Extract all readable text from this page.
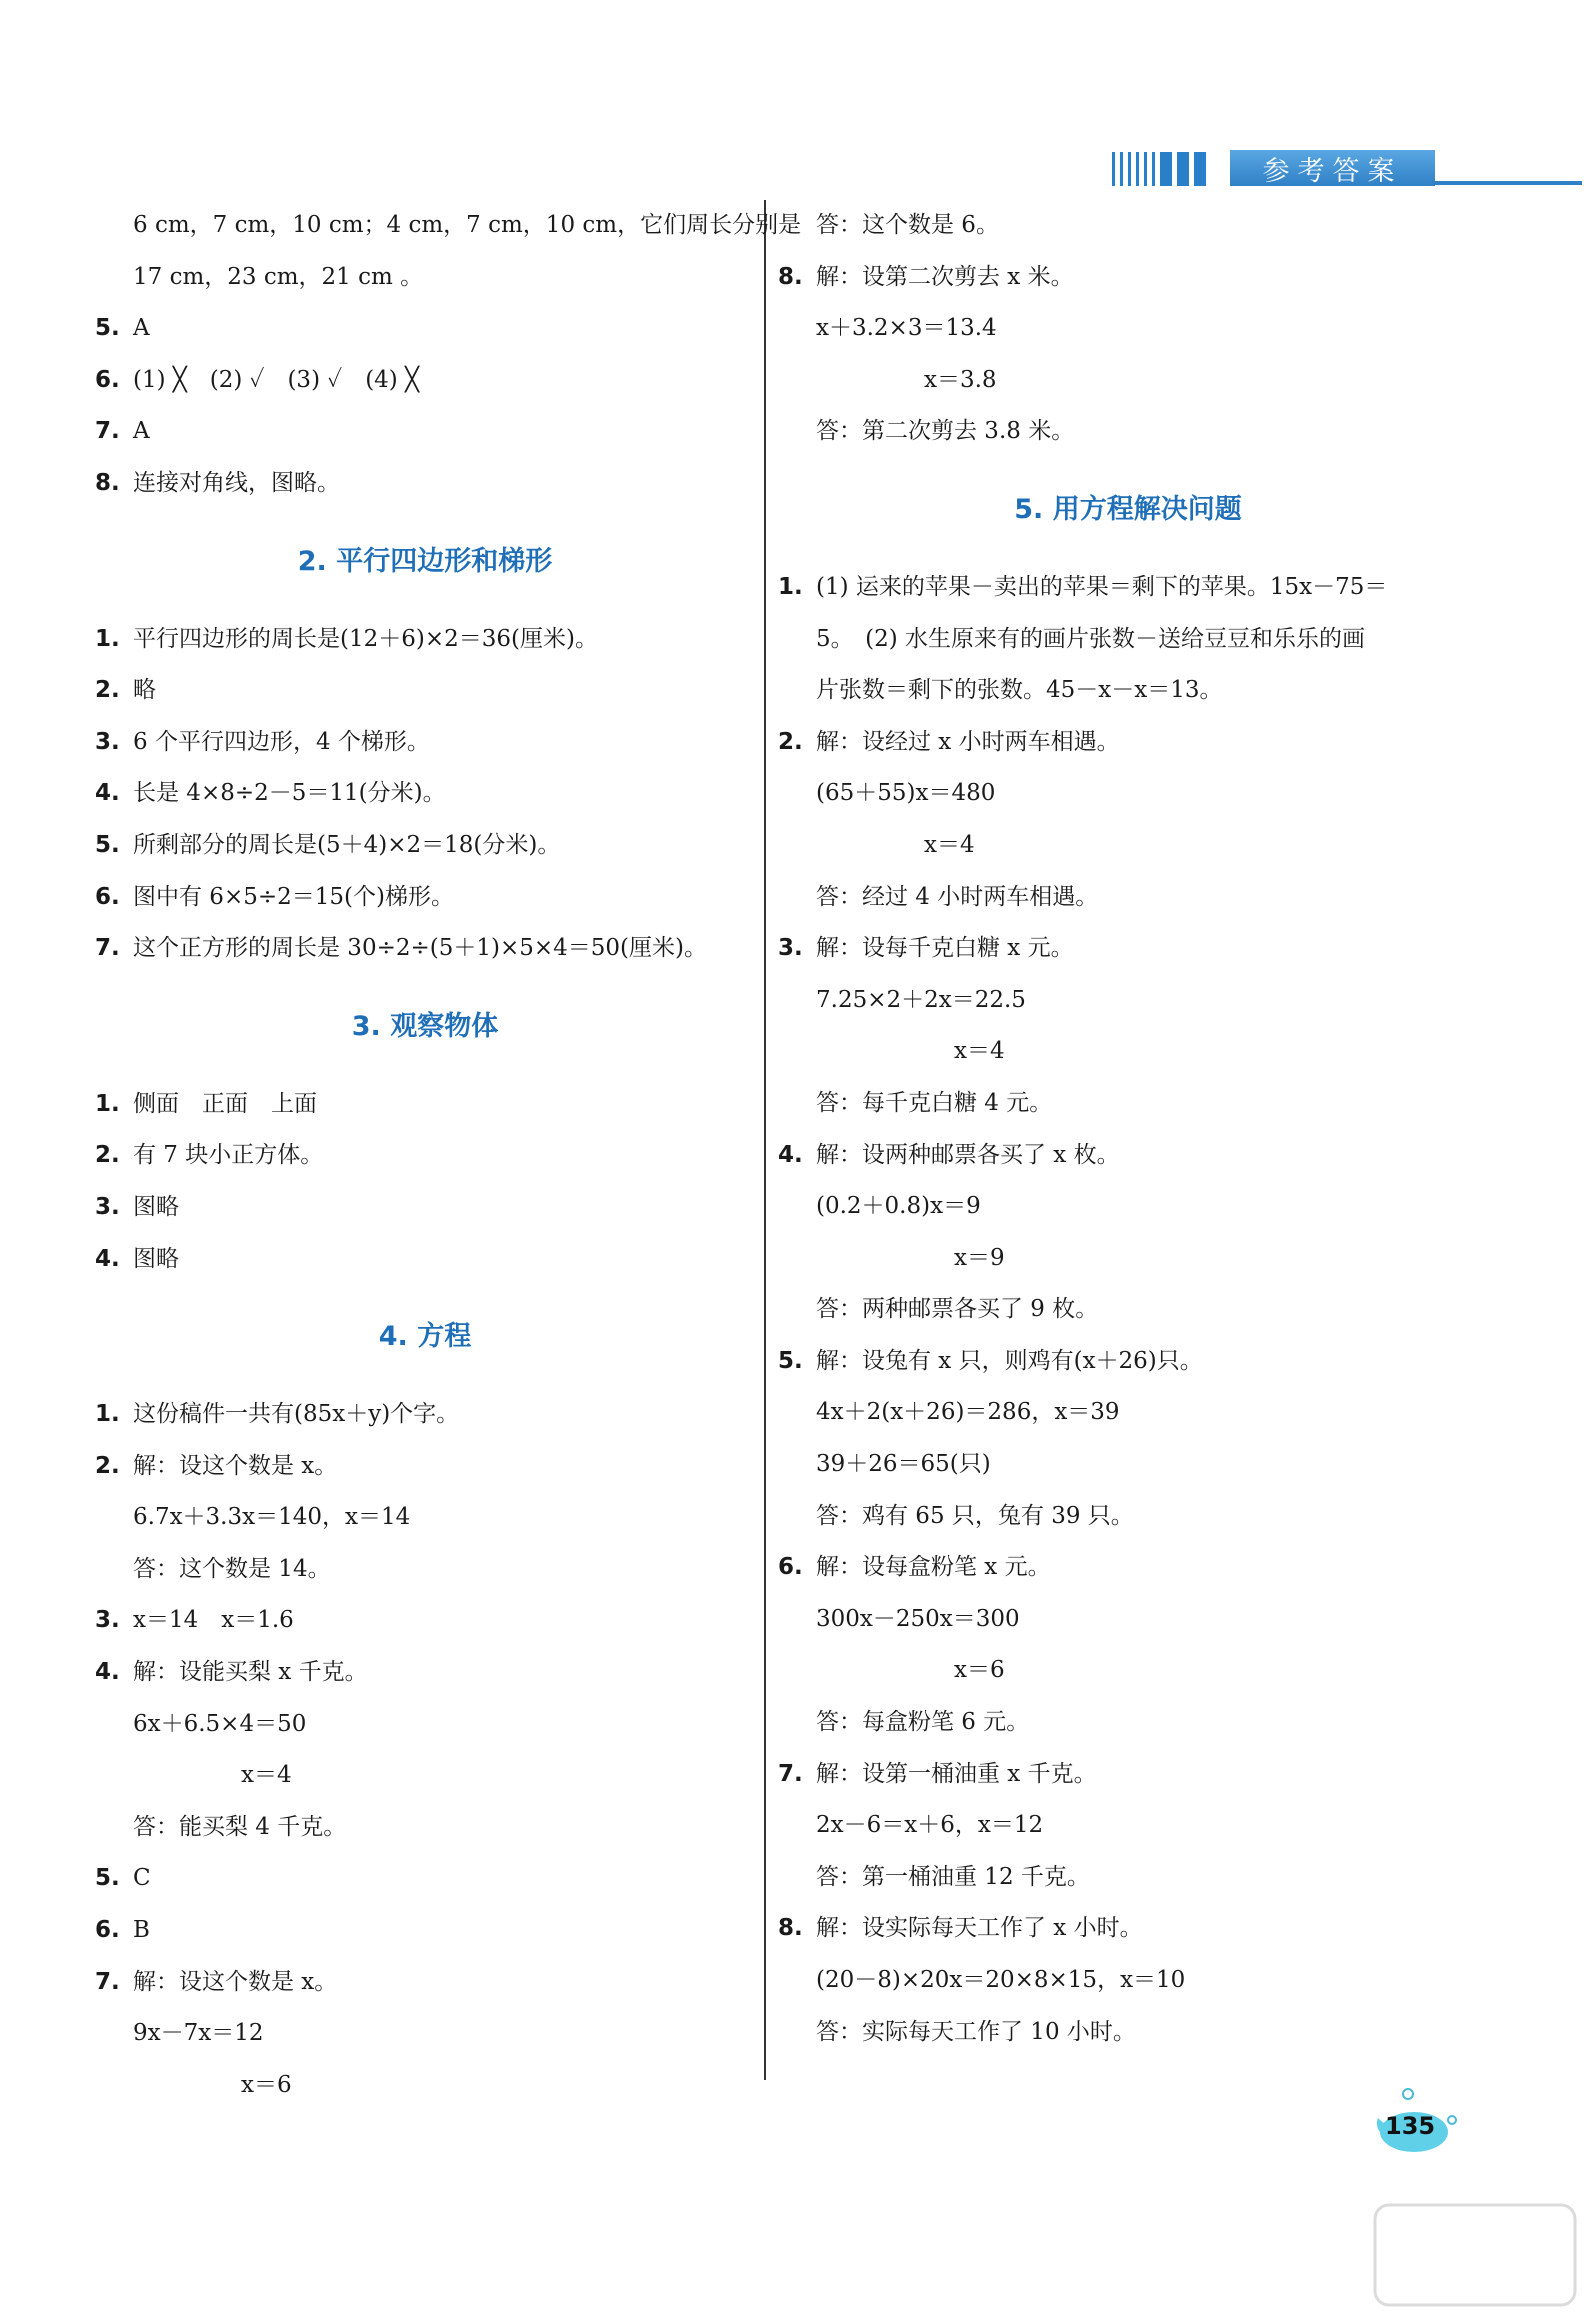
参考答案
6 cm，7 cm，10 cm；4 cm，7 cm，10 cm，它们周长分别是
17 cm，23 cm，21 cm 。
5. A
6. (1) ╳　(2) ✓　(3) ✓　(4) ╳
7. A
8. 连接对角线，图略。
2. 平行四边形和梯形
1. 平行四边形的周长是(12＋6)×2＝36(厘米)。
2. 略
3. 6 个平行四边形，4 个梯形。
4. 长是 4×8÷2－5＝11(分米)。
5. 所剩部分的周长是(5＋4)×2＝18(分米)。
6. 图中有 6×5÷2＝15(个)梯形。
7. 这个正方形的周长是 30÷2÷(5＋1)×5×4＝50(厘米)。
3. 观察物体
1. 侧面　正面　上面
2. 有 7 块小正方体。
3. 图略
4. 图略
4. 方程
1. 这份稿件一共有(85x＋y)个字。
2. 解：设这个数是 x。
6.7x＋3.3x＝140，x＝14
答：这个数是 14。
3. x＝14　x＝1.6
4. 解：设能买梨 x 千克。
6x＋6.5×4＝50
x＝4
答：能买梨 4 千克。
5. C
6. B
7. 解：设这个数是 x。
9x－7x＝12
x＝6
答：这个数是 6。
8. 解：设第二次剪去 x 米。
x＋3.2×3＝13.4
x＝3.8
答：第二次剪去 3.8 米。
5. 用方程解决问题
1. (1) 运来的苹果－卖出的苹果＝剩下的苹果。15x－75＝
5。　(2) 水生原来有的画片张数－送给豆豆和乐乐的画
片张数＝剩下的张数。45－x－x＝13。
2. 解：设经过 x 小时两车相遇。
(65＋55)x＝480
x＝4
答：经过 4 小时两车相遇。
3. 解：设每千克白糖 x 元。
7.25×2＋2x＝22.5
x＝4
答：每千克白糖 4 元。
4. 解：设两种邮票各买了 x 枚。
(0.2＋0.8)x＝9
x＝9
答：两种邮票各买了 9 枚。
5. 解：设兔有 x 只，则鸡有(x＋26)只。
4x＋2(x＋26)＝286，x＝39
39＋26＝65(只)
答：鸡有 65 只，兔有 39 只。
6. 解：设每盒粉笔 x 元。
300x－250x＝300
x＝6
答：每盒粉笔 6 元。
7. 解：设第一桶油重 x 千克。
2x－6＝x＋6，x＝12
答：第一桶油重 12 千克。
8. 解：设实际每天工作了 x 小时。
(20－8)×20x＝20×8×15，x＝10
答：实际每天工作了 10 小时。
135
